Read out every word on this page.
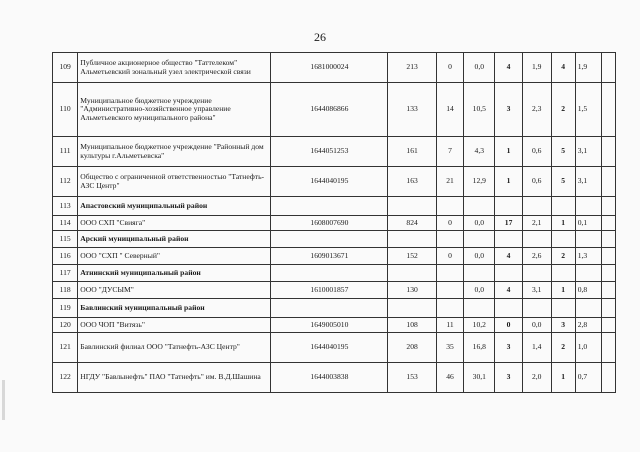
26
109	Публичное акционерное общество "Таттелеком" Альметьевский зональный узел электрической связи	1681000024	213	0	0,0	4	1,9	4	1,9	
110	Муниципальное бюджетное учреждение "Административно-хозяйственное управление Альметьевского муниципального района"	1644086866	133	14	10,5	3	2,3	2	1,5	
111	Муниципальное бюджетное учреждение "Районный дом культуры г.Альметьевска"	1644051253	161	7	4,3	1	0,6	5	3,1	
112	Общество с ограниченной ответственностью "Татнефть-АЗС Центр"	1644040195	163	21	12,9	1	0,6	5	3,1	
113	Апастовский муниципальный район									
114	ООО СХП "Свияга"	1608007690	824	0	0,0	17	2,1	1	0,1	
115	Арский муниципальный район									
116	ООО "СХП " Северный"	1609013671	152	0	0,0	4	2,6	2	1,3	
117	Атнинский муниципальный район									
118	ООО "ДУСЫМ"	1610001857	130		0,0	4	3,1	1	0,8	
119	Бавлинский муниципальный район									
120	ООО ЧОП "Витязь"	1649005010	108	11	10,2	0	0,0	3	2,8	
121	Бавлинский филиал ООО "Татнефть-АЗС Центр"	1644040195	208	35	16,8	3	1,4	2	1,0	
122	НГДУ "Бавлынефть" ПАО "Татнефть" им. В.Д.Шашина	1644003838	153	46	30,1	3	2,0	1	0,7	
